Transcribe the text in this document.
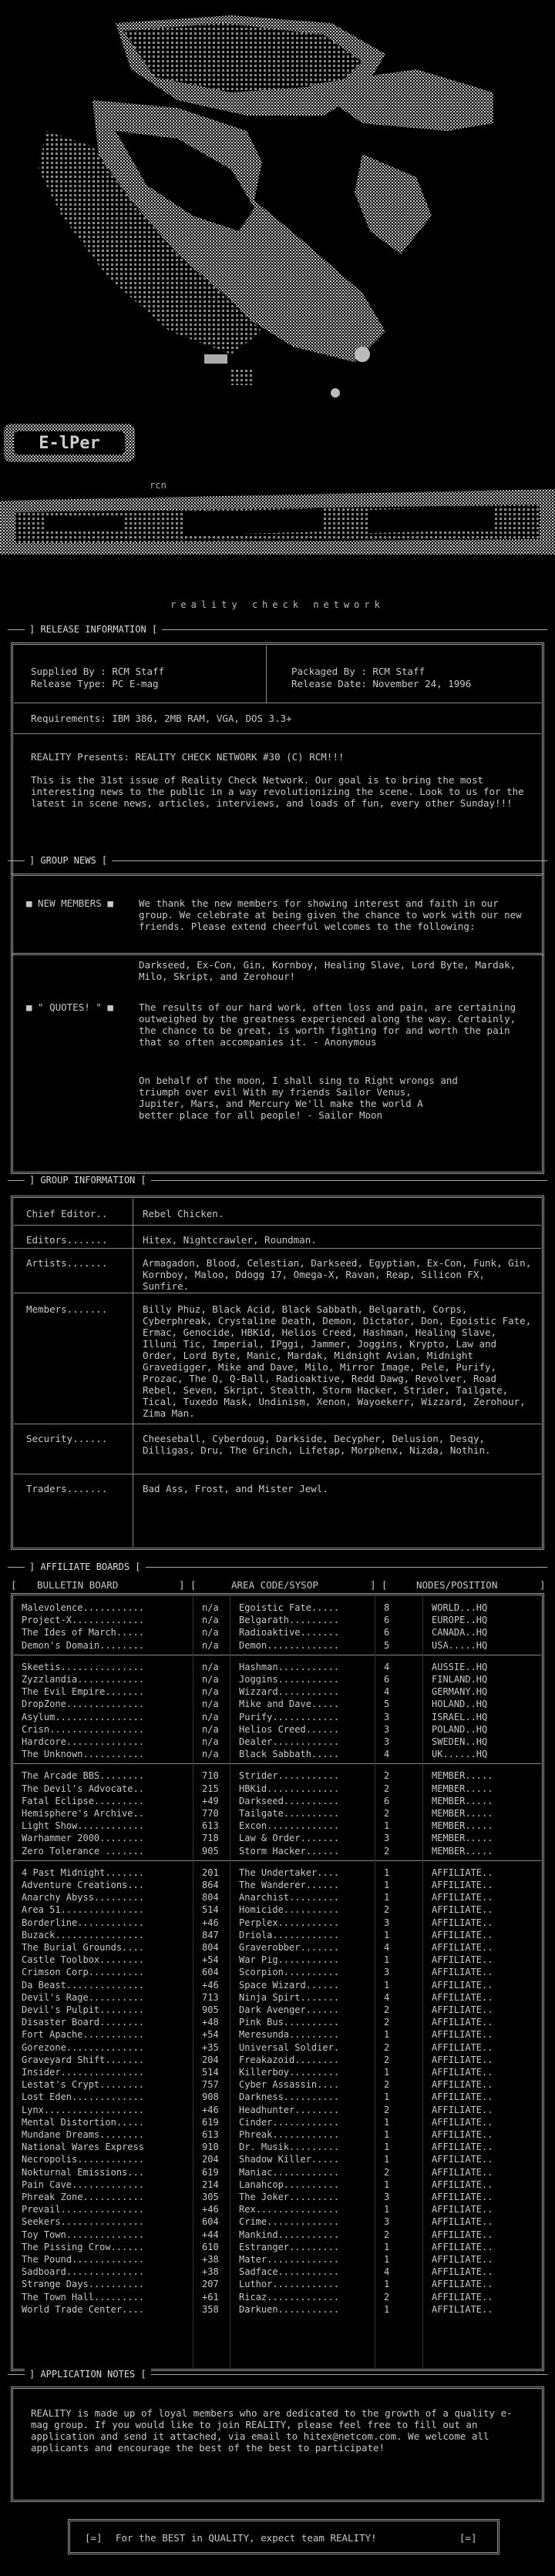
E-lPer
rcn
reality check network
] RELEASE INFORMATION [
Supplied By : RCM Staff
Release Type: PC E-mag
Packaged By : RCM Staff
Release Date: November 24, 1996
Requirements: IBM 386, 2MB RAM, VGA, DOS 3.3+
REALITY Presents: REALITY CHECK NETWORK #30 (C) RCM!!!
This is the 31st issue of Reality Check Network. Our goal is to bring the most interesting news to the public in a way revolutionizing the scene. Look to us for the latest in scene news, articles, interviews, and loads of fun, every other Sunday!!!
] GROUP NEWS [
■ NEW MEMBERS ■	We thank the new members for showing interest and faith in our group. We celebrate at being given the chance to work with our new friends. Please extend cheerful welcomes to the following:
Darkseed, Ex-Con, Gin, Kornboy, Healing Slave, Lord Byte, Mardak, Milo, Skript, and Zerohour!
■ " QUOTES! " ■	The results of our hard work, often loss and pain, are certaining outweighed by the greatness experienced along the way. Certainly, the chance to be great, is worth fighting for and worth the pain that so often accompanies it. - Anonymous
On behalf of the moon, I shall sing to Right wrongs and triumph over evil With my friends Sailor Venus, Jupiter, Mars, and Mercury We'll make the world A better place for all people! - Sailor Moon
] GROUP INFORMATION [
Chief Editor..	Rebel Chicken.
Editors.......	Hitex, Nightcrawler, Roundman.
Artists.......	Armagadon, Blood, Celestian, Darkseed, Egyptian, Ex-Con, Funk, Gin, Kornboy, Maloo, Ddogg 17, Omega-X, Ravan, Reap, Silicon FX, Sunfire.
Members.......	Billy Phuz, Black Acid, Black Sabbath, Belgarath, Corps, Cyberphreak, Crystaline Death, Demon, Dictator, Don, Egoistic Fate, Ermac, Genocide, HBKid, Helios Creed, Hashman, Healing Slave, Illuni Tic, Imperial, IPggi, Jammer, Joggins, Krypto, Law and Order, Lord Byte, Manic, Mardak, Midnight Avian, Midnight Gravedigger, Mike and Dave, Milo, Mirror Image, Pele, Purify, Prozac, The Q, Q-Ball, Radioaktive, Redd Dawg, Revolver, Road Rebel, Seven, Skript, Stealth, Storm Hacker, Strider, Tailgate, Tical, Tuxedo Mask, Undinism, Xenon, Wayoekerr, Wizzard, Zerohour, Zima Man.
Security......	Cheeseball, Cyberdoug, Darkside, Decypher, Delusion, Desqy, Dilligas, Dru, The Grinch, Lifetap, Morphenx, Nizda, Nothin.
Traders.......	Bad Ass, Frost, and Mister Jewl.
] AFFILIATE BOARDS [
[ BULLETIN BOARD	] [	AREA CODE/SYSOP	] [	NODES/POSITION	]
Malevolence...........	n/a Egoistic Fate.....	8	WORLD...HQ
Project-X.............	n/a Belgarath.........	6	EUROPE..HQ
The Ides of March.....	n/a Radioaktive.......	6	CANADA..HQ
Demon's Domain........	n/a Demon.............	5	USA.....HQ
Skeetis...............	n/a Hashman...........	4	AUSSIE..HQ
Zyzzlandia............	n/a Joggins...........	6	FINLAND.HQ
The Evil Empire.......	n/a Wizzard...........	4	GERMANY.HQ
DropZone..............	n/a Mike and Dave.....	5	HOLAND..HQ
Asylum................	n/a Purify............	3	ISRAEL..HQ
Crisn.................	n/a Helios Creed......	3	POLAND..HQ
Hardcore..............	n/a Dealer............	3	SWEDEN..HQ
The Unknown...........	n/a Black Sabbath.....	4	UK......HQ
The Arcade BBS........	710 Strider...........	2	MEMBER.....
The Devil's Advocate..	215 HBKid.............	2	MEMBER.....
Fatal Eclipse.........	+49 Darkseed..........	6	MEMBER.....
Hemisphere's Archive..	770 Tailgate..........	2	MEMBER.....
Light Show............	613 Excon.............	1	MEMBER.....
Warhammer 2000........	718 Law & Order.......	3	MEMBER.....
Zero Tolerance .......	905 Storm Hacker......	2	MEMBER.....
4 Past Midnight.......	201 The Undertaker....	1	AFFILIATE..
Adventure Creations...	864 The Wanderer......	1	AFFILIATE..
Anarchy Abyss.........	804 Anarchist.........	1	AFFILIATE..
Area 51...............	514 Homicide..........	2	AFFILIATE..
Borderline............	+46 Perplex...........	3	AFFILIATE..
Buzack................	847 Driola............	1	AFFILIATE..
The Burial Grounds....	804 Graverobber.......	4	AFFILIATE..
Castle Toolbox........	+54 War Pig...........	1	AFFILIATE..
Crimson Corp..........	604 Scorpion..........	3	AFFILIATE..
Da Beast..............	+46 Space Wizard......	1	AFFILIATE..
Devil's Rage..........	713 Ninja Spirt.......	4	AFFILIATE..
Devil's Pulpit........	905 Dark Avenger......	2	AFFILIATE..
Disaster Board........	+48 Pink Bus..........	2	AFFILIATE..
Fort Apache...........	+54 Meresunda.........	1	AFFILIATE..
Gorezone..............	+35 Universal Soldier.	2	AFFILIATE..
Graveyard Shift.......	204 Freakazoid........	2	AFFILIATE..
Insider...............	514 Killerboy.........	1	AFFILIATE..
Lestat's Crypt........	757 Cyber Assassin....	2	AFFILIATE..
Lost Eden.............	908 Darkness..........	1	AFFILIATE..
Lynx..................	+46 Headhunter........	2	AFFILIATE..
Mental Distortion.....	619 Cinder............	1	AFFILIATE..
Mundane Dreams........	613 Phreak............	1	AFFILIATE..
National Wares Express	910 Dr. Musik.........	1	AFFILIATE..
Necropolis............	204 Shadow Killer.....	1	AFFILIATE..
Nokturnal Emissions...	619 Maniac............	2	AFFILIATE..
Pain Cave.............	214 Lanahcop..........	1	AFFILIATE..
Phreak Zone...........	305 The Joker.........	3	AFFILIATE..
Prevail...............	+46 Rex...............	1	AFFILIATE..
Seekers...............	604 Crime.............	3	AFFILIATE..
Toy Town..............	+44 Mankind...........	2	AFFILIATE..
The Pissing Crow......	610 Estranger.........	1	AFFILIATE..
The Pound.............	+38 Mater.............	1	AFFILIATE..
Sadboard..............	+38 Sadface...........	4	AFFILIATE..
Strange Days..........	207 Luthor............	1	AFFILIATE..
The Town Hall.........	+61 Ricaz.............	2	AFFILIATE..
World Trade Center....	358 Darkuen...........	1	AFFILIATE..
] APPLICATION NOTES [
REALITY is made up of loyal members who are dedicated to the growth of a quality e-mag group. If you would like to join REALITY, please feel free to fill out an application and send it attached, via email to hitex@netcom.com. We welcome all applicants and encourage the best of the best to participate!
[=] For the BEST in QUALITY, expect team REALITY!	[=]
